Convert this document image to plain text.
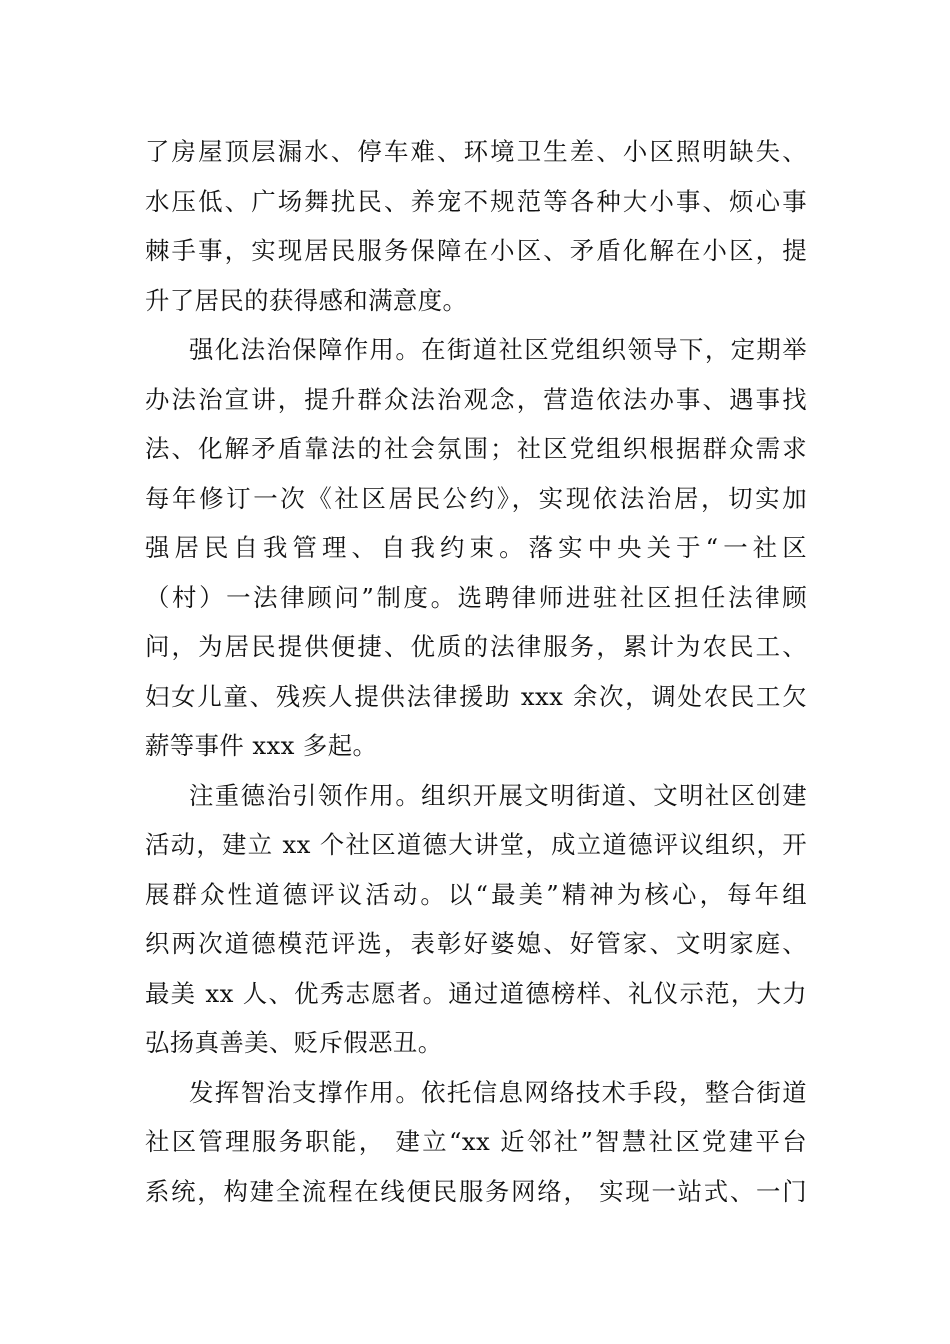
了房屋顶层漏水、停车难、环境卫生差、小区照明缺失、
水压低、广场舞扰民、养宠不规范等各种大小事、烦心事
棘手事，实现居民服务保障在小区、矛盾化解在小区，提
升了居民的获得感和满意度。
强化法治保障作用。在街道社区党组织领导下，定期举
办法治宣讲，提升群众法治观念，营造依法办事、遇事找
法、化解矛盾靠法的社会氛围；社区党组织根据群众需求
每年修订一次《社区居民公约》，实现依法治居，切实加
强居民自我管理、自我约束。落实中央关于“一社区
（村）一法律顾问”制度。选聘律师进驻社区担任法律顾
问，为居民提供便捷、优质的法律服务，累计为农民工、
妇女儿童、残疾人提供法律援助 xxx 余次，调处农民工欠
薪等事件 xxx 多起。
注重德治引领作用。组织开展文明街道、文明社区创建
活动，建立 xx 个社区道德大讲堂，成立道德评议组织，开
展群众性道德评议活动。以“最美”精神为核心，每年组
织两次道德模范评选，表彰好婆媳、好管家、文明家庭、
最美 xx 人、优秀志愿者。通过道德榜样、礼仪示范，大力
弘扬真善美、贬斥假恶丑。
发挥智治支撑作用。依托信息网络技术手段，整合街道
社区管理服务职能， 建立“xx 近邻社”智慧社区党建平台
系统，构建全流程在线便民服务网络， 实现一站式、一门
